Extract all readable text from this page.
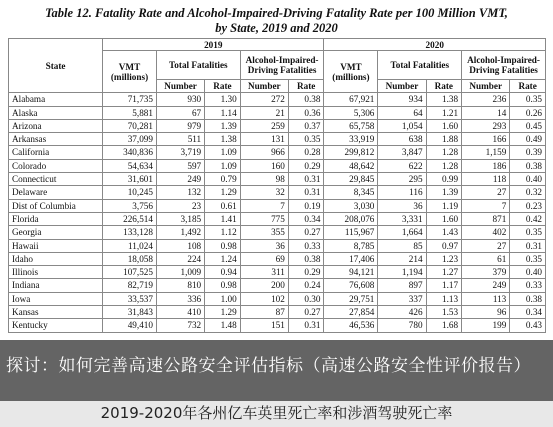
Table 12. Fatality Rate and Alcohol-Impaired-Driving Fatality Rate per 100 Million VMT,
by State, 2019 and 2020
State	2019					2020				
	VMT (millions)	Total Fatalities		Alcohol-Impaired-Driving Fatalities		VMT (millions)	Total Fatalities		Alcohol-Impaired-Driving Fatalities	
		Number	Rate	Number	Rate		Number	Rate	Number	Rate
Alabama	71,735	930	1.30	272	0.38	67,921	934	1.38	236	0.35
Alaska	5,881	67	1.14	21	0.36	5,306	64	1.21	14	0.26
Arizona	70,281	979	1.39	259	0.37	65,758	1,054	1.60	293	0.45
Arkansas	37,099	511	1.38	131	0.35	33,919	638	1.88	166	0.49
California	340,836	3,719	1.09	966	0.28	299,812	3,847	1.28	1,159	0.39
Colorado	54,634	597	1.09	160	0.29	48,642	622	1.28	186	0.38
Connecticut	31,601	249	0.79	98	0.31	29,845	295	0.99	118	0.40
Delaware	10,245	132	1.29	32	0.31	8,345	116	1.39	27	0.32
Dist of Columbia	3,756	23	0.61	7	0.19	3,030	36	1.19	7	0.23
Florida	226,514	3,185	1.41	775	0.34	208,076	3,331	1.60	871	0.42
Georgia	133,128	1,492	1.12	355	0.27	115,967	1,664	1.43	402	0.35
Hawaii	11,024	108	0.98	36	0.33	8,785	85	0.97	27	0.31
Idaho	18,058	224	1.24	69	0.38	17,406	214	1.23	61	0.35
Illinois	107,525	1,009	0.94	311	0.29	94,121	1,194	1.27	379	0.40
Indiana	82,719	810	0.98	200	0.24	76,608	897	1.17	249	0.33
Iowa	33,537	336	1.00	102	0.30	29,751	337	1.13	113	0.38
Kansas	31,843	410	1.29	87	0.27	27,854	426	1.53	96	0.34
Kentucky	49,410	732	1.48	151	0.31	46,536	780	1.68	199	0.43
探讨：如何完善高速公路安全评估指标（高速公路安全性评价报告）
2019-2020年各州亿车英里死亡率和涉酒驾驶死亡率
